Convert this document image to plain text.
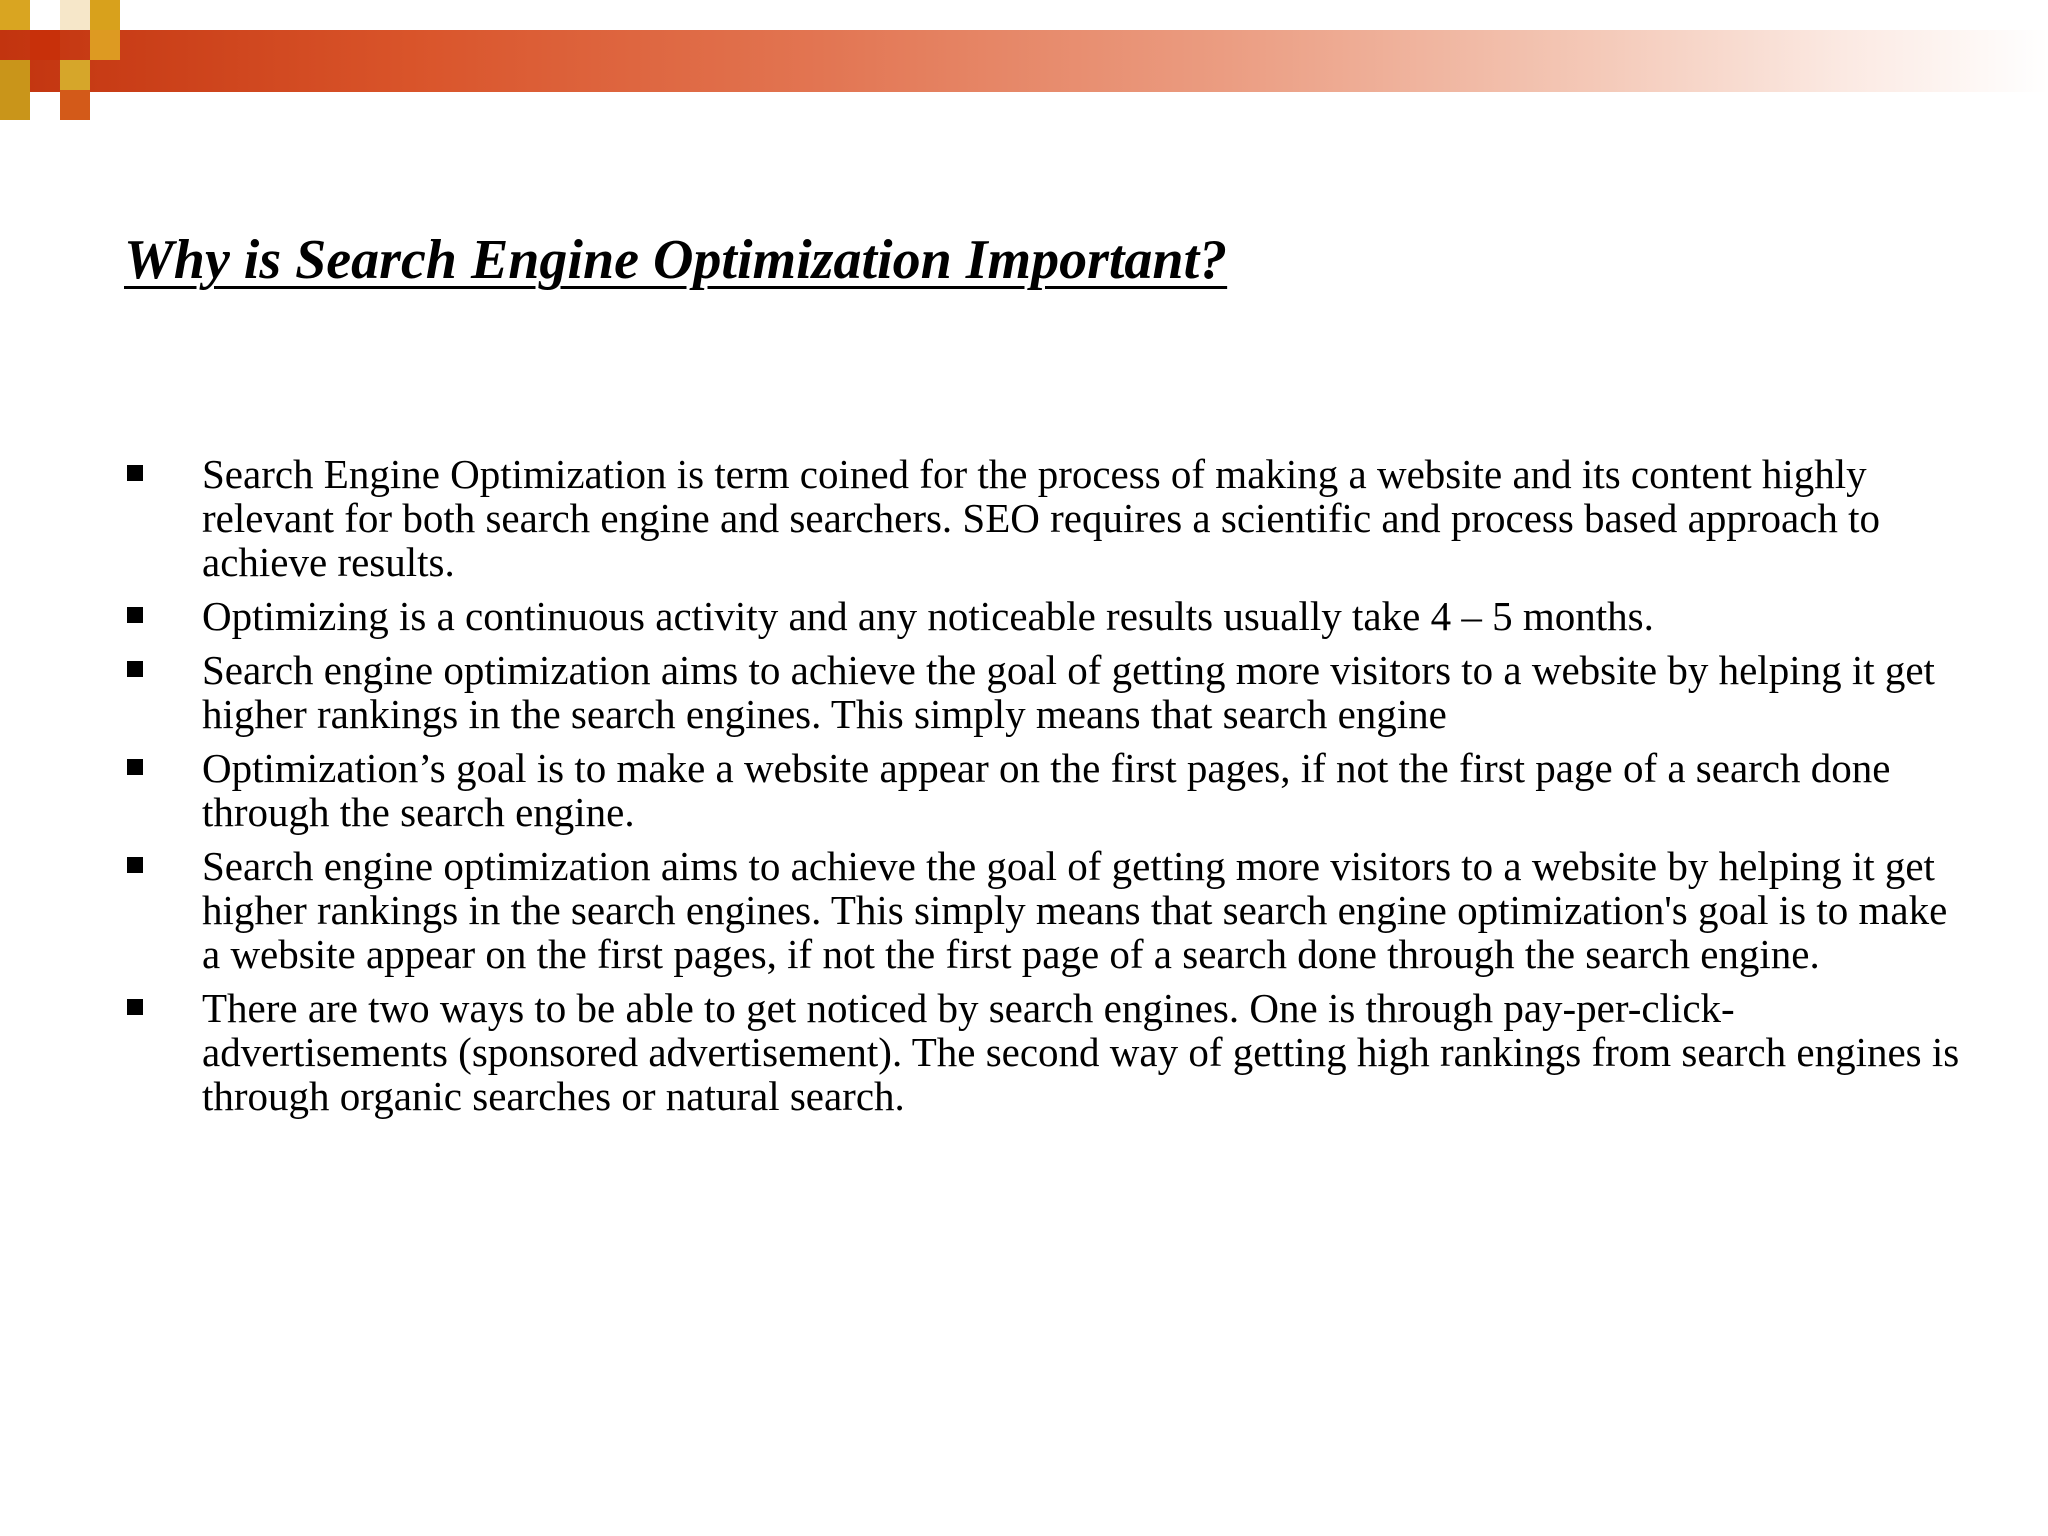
Why is Search Engine Optimization Important?
Search Engine Optimization is term coined for the process of making a website and its content highly relevant for both search engine and searchers. SEO requires a scientific and process based approach to achieve results.
Optimizing is a continuous activity and any noticeable results usually take 4 – 5 months.
Search engine optimization aims to achieve the goal of getting more visitors to a website by helping it get higher rankings in the search engines. This simply means that search engine
Optimization’s goal is to make a website appear on the first pages, if not the first page of a search done through the search engine.
Search engine optimization aims to achieve the goal of getting more visitors to a website by helping it get higher rankings in the search engines. This simply means that search engine optimization's goal is to make a website appear on the first pages, if not the first page of a search done through the search engine.
There are two ways to be able to get noticed by search engines. One is through pay-per-click-advertisements (sponsored advertisement). The second way of getting high rankings from search engines is through organic searches or natural search.
